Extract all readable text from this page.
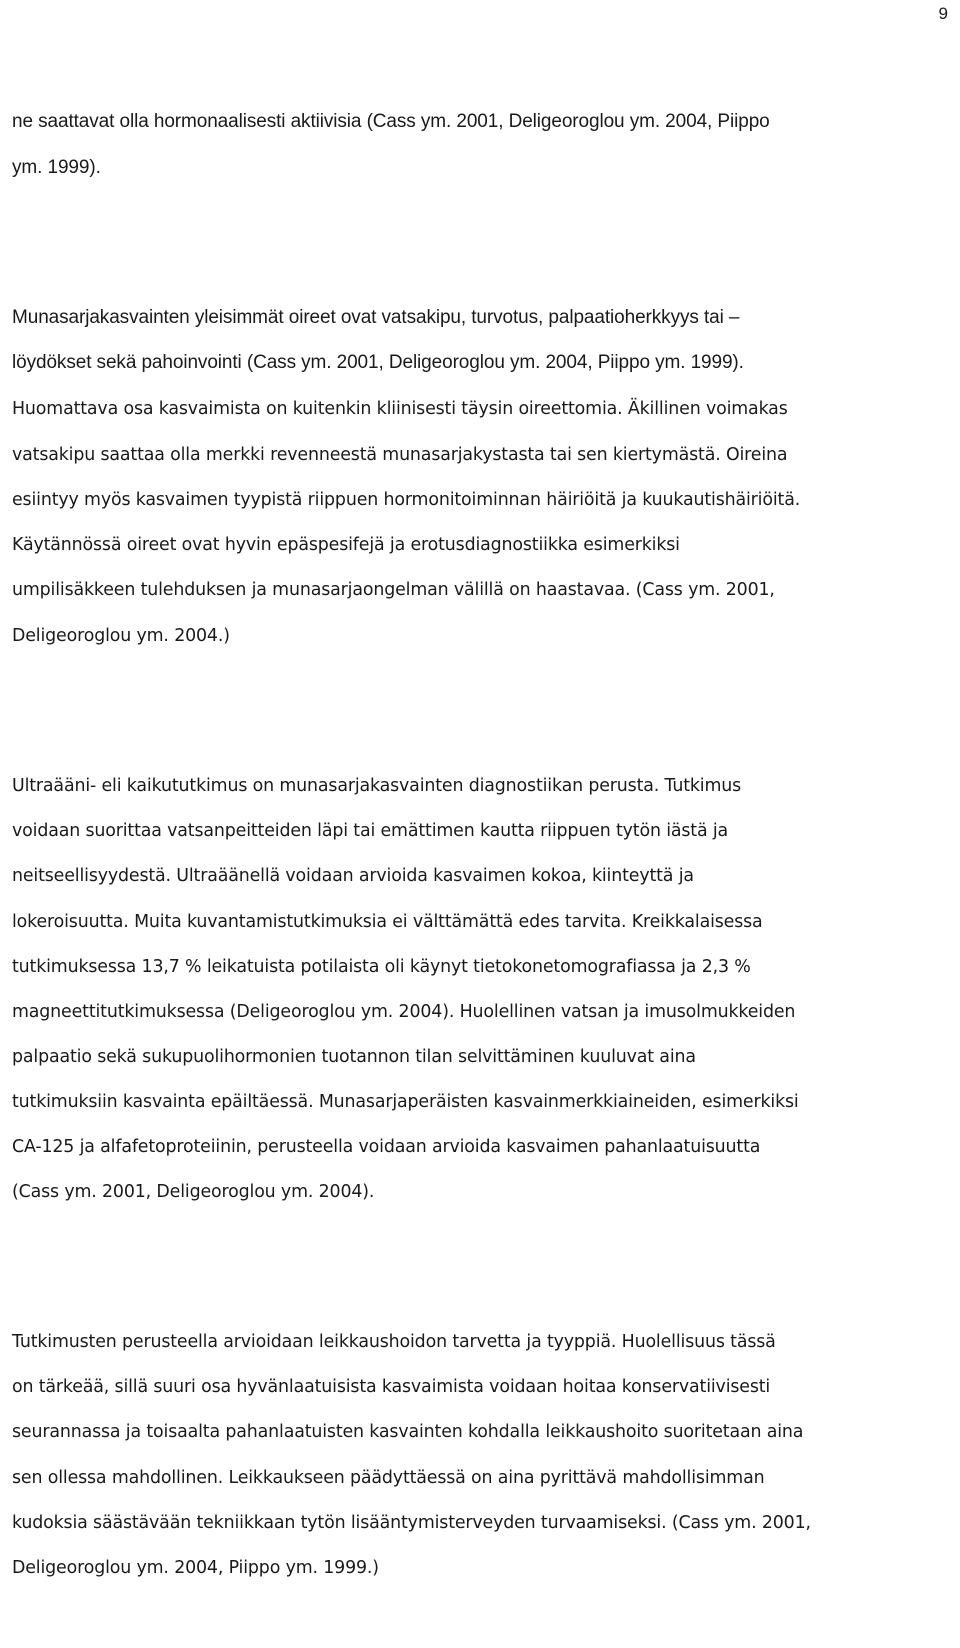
9
ne saattavat olla hormonaalisesti aktiivisia (Cass ym. 2001, Deligeoroglou ym. 2004, Piippo
ym. 1999).
Munasarjakasvainten yleisimmät oireet ovat vatsakipu, turvotus, palpaatioherkkyys tai –
löydökset sekä pahoinvointi (Cass ym. 2001, Deligeoroglou ym. 2004, Piippo ym. 1999).
Huomattava osa kasvaimista on kuitenkin kliinisesti täysin oireettomia. Äkillinen voimakas
vatsakipu saattaa olla merkki revenneestä munasarjakystasta tai sen kiertymästä. Oireina
esiintyy myös kasvaimen tyypistä riippuen hormonitoiminnan häiriöitä ja kuukautishäiriöitä.
Käytännössä oireet ovat hyvin epäspesifejä ja erotusdiagnostiikka esimerkiksi
umpilisäkkeen tulehduksen ja munasarjaongelman välillä on haastavaa. (Cass ym. 2001,
Deligeoroglou ym. 2004.)
Ultraääni- eli kaikututkimus on munasarjakasvainten diagnostiikan perusta. Tutkimus
voidaan suorittaa vatsanpeitteiden läpi tai emättimen kautta riippuen tytön iästä ja
neitseellisyydestä. Ultraäänellä voidaan arvioida kasvaimen kokoa, kiinteyttä ja
lokeroisuutta. Muita kuvantamistutkimuksia ei välttämättä edes tarvita. Kreikkalaisessa
tutkimuksessa 13,7 % leikatuista potilaista oli käynyt tietokonetomografiassa ja 2,3 %
magneettitutkimuksessa (Deligeoroglou ym. 2004). Huolellinen vatsan ja imusolmukkeiden
palpaatio sekä sukupuolihormonien tuotannon tilan selvittäminen kuuluvat aina
tutkimuksiin kasvainta epäiltäessä. Munasarjaperäisten kasvainmerkkiaineiden, esimerkiksi
CA-125 ja alfafetoproteiinin, perusteella voidaan arvioida kasvaimen pahanlaatuisuutta
(Cass ym. 2001, Deligeoroglou ym. 2004).
Tutkimusten perusteella arvioidaan leikkaushoidon tarvetta ja tyyppiä. Huolellisuus tässä
on tärkeää, sillä suuri osa hyvänlaatuisista kasvaimista voidaan hoitaa konservatiivisesti
seurannassa ja toisaalta pahanlaatuisten kasvainten kohdalla leikkaushoito suoritetaan aina
sen ollessa mahdollinen. Leikkaukseen päädyttäessä on aina pyrittävä mahdollisimman
kudoksia säästävään tekniikkaan tytön lisääntymisterveyden turvaamiseksi. (Cass ym. 2001,
Deligeoroglou ym. 2004, Piippo ym. 1999.)
